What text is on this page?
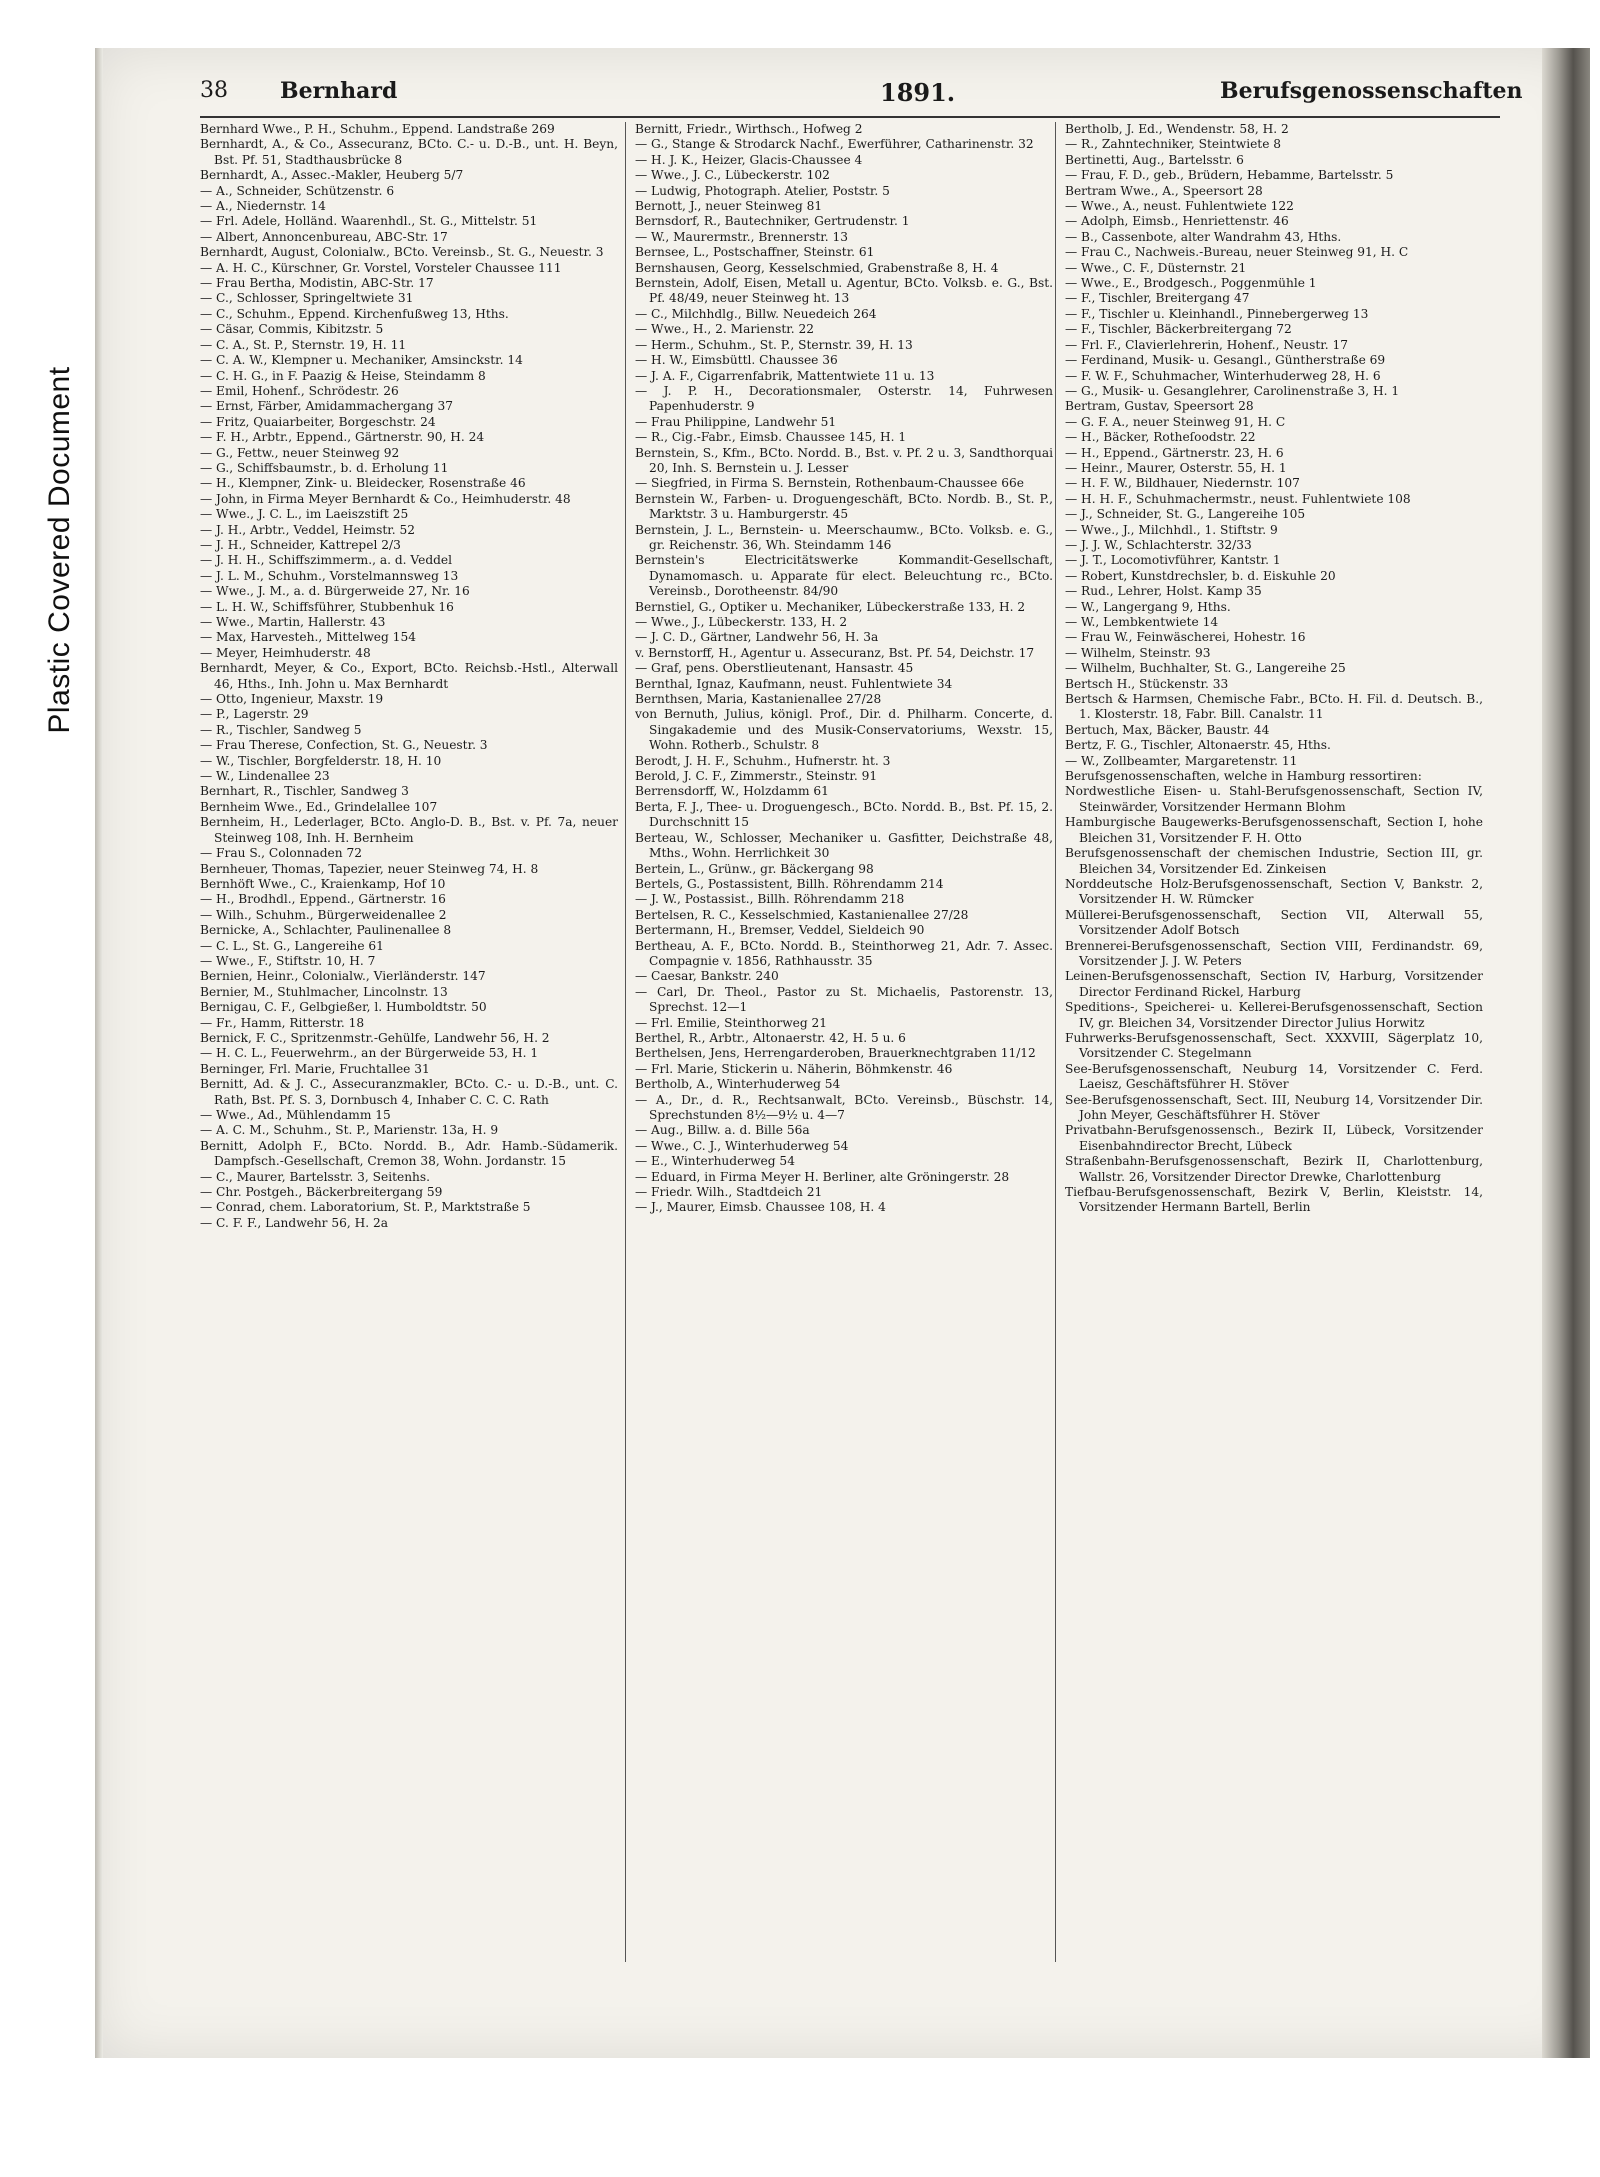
Plastic Covered Document
38 Bernhard	1891.	Berufsgenossenschaften

Bernhard Wwe., P. H., Schuhm., Eppend. Landstraße 269

Bernhardt, A., & Co., Assecuranz, BCto. C.- u. D.-B., unt. H. Beyn, Bst. Pf. 51, Stadthausbrücke 8

Bernhardt, A., Assec.-Makler, Heuberg 5/7

— A., Schneider, Schützenstr. 6

— A., Niedernstr. 14

— Frl. Adele, Holländ. Waarenhdl., St. G., Mittelstr. 51

— Albert, Annoncenbureau, ABC-Str. 17

Bernhardt, August, Colonialw., BCto. Vereinsb., St. G., Neuestr. 3

— A. H. C., Kürschner, Gr. Vorstel, Vorsteler Chaussee 111

— Frau Bertha, Modistin, ABC-Str. 17

— C., Schlosser, Springeltwiete 31

— C., Schuhm., Eppend. Kirchenfußweg 13, Hths.

— Cäsar, Commis, Kibitzstr. 5

— C. A., St. P., Sternstr. 19, H. 11

— C. A. W., Klempner u. Mechaniker, Amsinckstr. 14

— C. H. G., in F. Paazig & Heise, Steindamm 8

— Emil, Hohenf., Schrödestr. 26

— Ernst, Färber, Amidammachergang 37

— Fritz, Quaiarbeiter, Borgeschstr. 24

— F. H., Arbtr., Eppend., Gärtnerstr. 90, H. 24

— G., Fettw., neuer Steinweg 92

— G., Schiffsbaumstr., b. d. Erholung 11

— H., Klempner, Zink- u. Bleidecker, Rosenstraße 46

— John, in Firma Meyer Bernhardt & Co., Heimhuderstr. 48

— Wwe., J. C. L., im Laeiszstift 25

— J. H., Arbtr., Veddel, Heimstr. 52

— J. H., Schneider, Kattrepel 2/3

— J. H. H., Schiffszimmerm., a. d. Veddel

— J. L. M., Schuhm., Vorstelmannsweg 13

— Wwe., J. M., a. d. Bürgerweide 27, Nr. 16

— L. H. W., Schiffsführer, Stubbenhuk 16

— Wwe., Martin, Hallerstr. 43

— Max, Harvesteh., Mittelweg 154

— Meyer, Heimhuderstr. 48

Bernhardt, Meyer, & Co., Export, BCto. Reichsb.-Hstl., Alterwall 46, Hths., Inh. John u. Max Bernhardt

— Otto, Ingenieur, Maxstr. 19

— P., Lagerstr. 29

— R., Tischler, Sandweg 5

— Frau Therese, Confection, St. G., Neuestr. 3

— W., Tischler, Borgfelderstr. 18, H. 10

— W., Lindenallee 23

Bernhart, R., Tischler, Sandweg 3

Bernheim Wwe., Ed., Grindelallee 107

Bernheim, H., Lederlager, BCto. Anglo-D. B., Bst. v. Pf. 7a, neuer Steinweg 108, Inh. H. Bernheim

— Frau S., Colonnaden 72

Bernheuer, Thomas, Tapezier, neuer Steinweg 74, H. 8

Bernhöft Wwe., C., Kraienkamp, Hof 10

— H., Brodhdl., Eppend., Gärtnerstr. 16

— Wilh., Schuhm., Bürgerweidenallee 2

Bernicke, A., Schlachter, Paulinenallee 8

— C. L., St. G., Langereihe 61

— Wwe., F., Stiftstr. 10, H. 7

Bernien, Heinr., Colonialw., Vierländerstr. 147

Bernier, M., Stuhlmacher, Lincolnstr. 13

Bernigau, C. F., Gelbgießer, l. Humboldtstr. 50

— Fr., Hamm, Ritterstr. 18

Bernick, F. C., Spritzenmstr.-Gehülfe, Landwehr 56, H. 2

— H. C. L., Feuerwehrm., an der Bürgerweide 53, H. 1

Berninger, Frl. Marie, Fruchtallee 31

Bernitt, Ad. & J. C., Assecuranzmakler, BCto. C.- u. D.-B., unt. C. Rath, Bst. Pf. S. 3, Dornbusch 4, Inhaber C. C. C. Rath

— Wwe., Ad., Mühlendamm 15

— A. C. M., Schuhm., St. P., Marienstr. 13a, H. 9

Bernitt, Adolph F., BCto. Nordd. B., Adr. Hamb.-Südamerik. Dampfsch.-Gesellschaft, Cremon 38, Wohn. Jordanstr. 15

— C., Maurer, Bartelsstr. 3, Seitenhs.

— Chr. Postgeh., Bäckerbreitergang 59

— Conrad, chem. Laboratorium, St. P., Marktstraße 5

— C. F. F., Landwehr 56, H. 2a

Bernitt, Friedr., Wirthsch., Hofweg 2

— G., Stange & Strodarck Nachf., Ewerführer, Catharinenstr. 32

— H. J. K., Heizer, Glacis-Chaussee 4

— Wwe., J. C., Lübeckerstr. 102

— Ludwig, Photograph. Atelier, Poststr. 5

Bernott, J., neuer Steinweg 81

Bernsdorf, R., Bautechniker, Gertrudenstr. 1

— W., Maurermstr., Brennerstr. 13

Bernsee, L., Postschaffner, Steinstr. 61

Bernshausen, Georg, Kesselschmied, Grabenstraße 8, H. 4

Bernstein, Adolf, Eisen, Metall u. Agentur, BCto. Volksb. e. G., Bst. Pf. 48/49, neuer Steinweg ht. 13

— C., Milchhdlg., Billw. Neuedeich 264

— Wwe., H., 2. Marienstr. 22

— Herm., Schuhm., St. P., Sternstr. 39, H. 13

— H. W., Eimsbüttl. Chaussee 36

— J. A. F., Cigarrenfabrik, Mattentwiete 11 u. 13

— J. P. H., Decorationsmaler, Osterstr. 14, Fuhrwesen Papenhuderstr. 9

— Frau Philippine, Landwehr 51

— R., Cig.-Fabr., Eimsb. Chaussee 145, H. 1

Bernstein, S., Kfm., BCto. Nordd. B., Bst. v. Pf. 2 u. 3, Sandthorquai 20, Inh. S. Bernstein u. J. Lesser

— Siegfried, in Firma S. Bernstein, Rothenbaum-Chaussee 66e

Bernstein W., Farben- u. Droguengeschäft, BCto. Nordb. B., St. P., Marktstr. 3 u. Hamburgerstr. 45

Bernstein, J. L., Bernstein- u. Meerschaumw., BCto. Volksb. e. G., gr. Reichenstr. 36, Wh. Steindamm 146

Bernstein's Electricitätswerke Kommandit-Gesellschaft, Dynamomasch. u. Apparate für elect. Beleuchtung rc., BCto. Vereinsb., Dorotheenstr. 84/90

Bernstiel, G., Optiker u. Mechaniker, Lübeckerstraße 133, H. 2

— Wwe., J., Lübeckerstr. 133, H. 2

— J. C. D., Gärtner, Landwehr 56, H. 3a

v. Bernstorff, H., Agentur u. Assecuranz, Bst. Pf. 54, Deichstr. 17

— Graf, pens. Oberstlieutenant, Hansastr. 45

Bernthal, Ignaz, Kaufmann, neust. Fuhlentwiete 34

Bernthsen, Maria, Kastanienallee 27/28

von Bernuth, Julius, königl. Prof., Dir. d. Philharm. Concerte, d. Singakademie und des Musik-Conservatoriums, Wexstr. 15, Wohn. Rotherb., Schulstr. 8

Berodt, J. H. F., Schuhm., Hufnerstr. ht. 3

Berold, J. C. F., Zimmerstr., Steinstr. 91

Berrensdorff, W., Holzdamm 61

Berta, F. J., Thee- u. Droguengesch., BCto. Nordd. B., Bst. Pf. 15, 2. Durchschnitt 15

Berteau, W., Schlosser, Mechaniker u. Gasfitter, Deichstraße 48, Mths., Wohn. Herrlichkeit 30

Bertein, L., Grünw., gr. Bäckergang 98

Bertels, G., Postassistent, Billh. Röhrendamm 214

— J. W., Postassist., Billh. Röhrendamm 218

Bertelsen, R. C., Kesselschmied, Kastanienallee 27/28

Bertermann, H., Bremser, Veddel, Sieldeich 90

Bertheau, A. F., BCto. Nordd. B., Steinthorweg 21, Adr. 7. Assec. Compagnie v. 1856, Rathhausstr. 35

— Caesar, Bankstr. 240

— Carl, Dr. Theol., Pastor zu St. Michaelis, Pastorenstr. 13, Sprechst. 12—1

— Frl. Emilie, Steinthorweg 21

Berthel, R., Arbtr., Altonaerstr. 42, H. 5 u. 6

Berthelsen, Jens, Herrengarderoben, Brauerknechtgraben 11/12

— Frl. Marie, Stickerin u. Näherin, Böhmkenstr. 46

Bertholb, A., Winterhuderweg 54

— A., Dr., d. R., Rechtsanwalt, BCto. Vereinsb., Büschstr. 14, Sprechstunden 8½—9½ u. 4—7

— Aug., Billw. a. d. Bille 56a

— Wwe., C. J., Winterhuderweg 54

— E., Winterhuderweg 54

— Eduard, in Firma Meyer H. Berliner, alte Gröningerstr. 28

— Friedr. Wilh., Stadtdeich 21

— J., Maurer, Eimsb. Chaussee 108, H. 4

Bertholb, J. Ed., Wendenstr. 58, H. 2

— R., Zahntechniker, Steintwiete 8

Bertinetti, Aug., Bartelsstr. 6

— Frau, F. D., geb., Brüdern, Hebamme, Bartelsstr. 5

Bertram Wwe., A., Speersort 28

— Wwe., A., neust. Fuhlentwiete 122

— Adolph, Eimsb., Henriettenstr. 46

— B., Cassenbote, alter Wandrahm 43, Hths.

— Frau C., Nachweis.-Bureau, neuer Steinweg 91, H. C

— Wwe., C. F., Düsternstr. 21

— Wwe., E., Brodgesch., Poggenmühle 1

— F., Tischler, Breitergang 47

— F., Tischler u. Kleinhandl., Pinnebergerweg 13

— F., Tischler, Bäckerbreitergang 72

— Frl. F., Clavierlehrerin, Hohenf., Neustr. 17

— Ferdinand, Musik- u. Gesangl., Güntherstraße 69

— F. W. F., Schuhmacher, Winterhuderweg 28, H. 6

— G., Musik- u. Gesanglehrer, Carolinenstraße 3, H. 1

Bertram, Gustav, Speersort 28

— G. F. A., neuer Steinweg 91, H. C

— H., Bäcker, Rotheſoodstr. 22

— H., Eppend., Gärtnerstr. 23, H. 6

— Heinr., Maurer, Osterstr. 55, H. 1

— H. F. W., Bildhauer, Niedernstr. 107

— H. H. F., Schuhmachermstr., neust. Fuhlentwiete 108

— J., Schneider, St. G., Langereihe 105

— Wwe., J., Milchhdl., 1. Stiftstr. 9

— J. J. W., Schlachterstr. 32/33

— J. T., Locomotivführer, Kantstr. 1

— Robert, Kunstdrechsler, b. d. Eiskuhle 20

— Rud., Lehrer, Holst. Kamp 35

— W., Langergang 9, Hths.

— W., Lembkentwiete 14

— Frau W., Feinwäscherei, Hohestr. 16

— Wilhelm, Steinstr. 93

— Wilhelm, Buchhalter, St. G., Langereihe 25

Bertsch H., Stückenstr. 33

Bertsch & Harmsen, Chemische Fabr., BCto. H. Fil. d. Deutsch. B., 1. Klosterstr. 18, Fabr. Bill. Canalstr. 11

Bertuch, Max, Bäcker, Baustr. 44

Bertz, F. G., Tischler, Altonaerstr. 45, Hths.

— W., Zollbeamter, Margaretenstr. 11

Berufsgenossenschaften, welche in Hamburg ressortiren:

Nordwestliche Eisen- u. Stahl-Berufsgenossenschaft, Section IV, Steinwärder, Vorsitzender Hermann Blohm

Hamburgische Baugewerks-Berufsgenossenschaft, Section I, hohe Bleichen 31, Vorsitzender F. H. Otto

Berufsgenossenschaft der chemischen Industrie, Section III, gr. Bleichen 34, Vorsitzender Ed. Zinkeisen

Norddeutsche Holz-Berufsgenossenschaft, Section V, Bankstr. 2, Vorsitzender H. W. Rümcker

Müllerei-Berufsgenossenschaft, Section VII, Alterwall 55, Vorsitzender Adolf Botsch

Brennerei-Berufsgenossenschaft, Section VIII, Ferdinandstr. 69, Vorsitzender J. J. W. Peters

Leinen-Berufsgenossenschaft, Section IV, Harburg, Vorsitzender Director Ferdinand Rickel, Harburg

Speditions-, Speicherei- u. Kellerei-Berufsgenossenschaft, Section IV, gr. Bleichen 34, Vorsitzender Director Julius Horwitz

Fuhrwerks-Berufsgenossenschaft, Sect. XXXVIII, Sägerplatz 10, Vorsitzender C. Stegelmann

See-Berufsgenossenschaft, Neuburg 14, Vorsitzender C. Ferd. Laeisz, Geschäftsführer H. Stöver

See-Berufsgenossenschaft, Sect. III, Neuburg 14, Vorsitzender Dir. John Meyer, Geschäftsführer H. Stöver

Privatbahn-Berufsgenossensch., Bezirk II, Lübeck, Vorsitzender Eisenbahndirector Brecht, Lübeck

Straßenbahn-Berufsgenossenschaft, Bezirk II, Charlottenburg, Wallstr. 26, Vorsitzender Director Drewke, Charlottenburg

Tiefbau-Berufsgenossenschaft, Bezirk V, Berlin, Kleiststr. 14, Vorsitzender Hermann Bartell, Berlin
